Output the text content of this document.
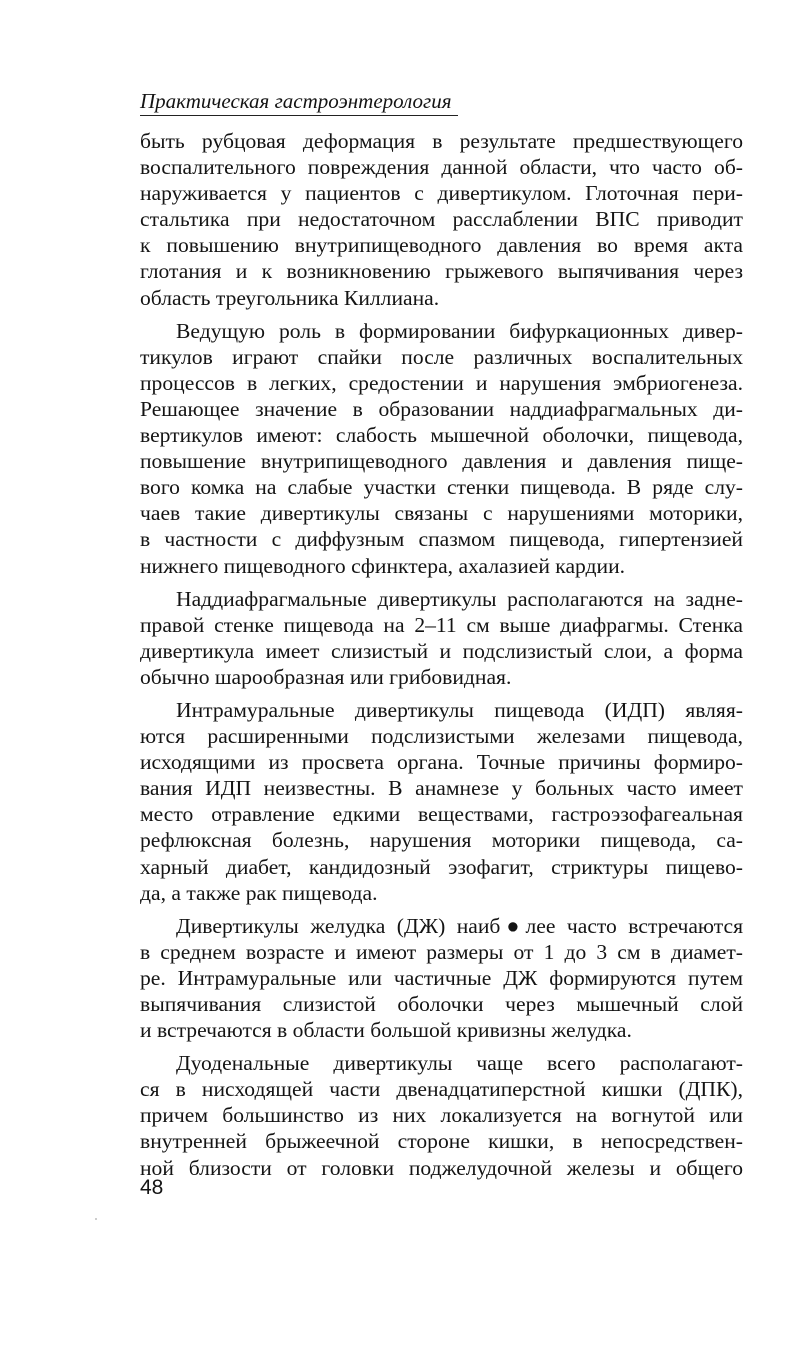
Практическая гастроэнтерология
быть рубцовая деформация в результате предшествующего
воспалительного повреждения данной области, что часто об-
наруживается у пациентов с дивертикулом. Глоточная пери-
стальтика при недостаточном расслаблении ВПС приводит
к повышению внутрипищеводного давления во время акта
глотания и к возникновению грыжевого выпячивания через
область треугольника Киллиана.
Ведущую роль в формировании бифуркационных дивер-
тикулов играют спайки после различных воспалительных
процессов в легких, средостении и нарушения эмбриогенеза.
Решающее значение в образовании наддиафрагмальных ди-
вертикулов имеют: слабость мышечной оболочки, пищевода,
повышение внутрипищеводного давления и давления пище-
вого комка на слабые участки стенки пищевода. В ряде слу-
чаев такие дивертикулы связаны с нарушениями моторики,
в частности с диффузным спазмом пищевода, гипертензией
нижнего пищеводного сфинктера, ахалазией кардии.
Наддиафрагмальные дивертикулы располагаются на задне-
правой стенке пищевода на 2–11 см выше диафрагмы. Стенка
дивертикула имеет слизистый и подслизистый слои, а форма
обычно шарообразная или грибовидная.
Интрамуральные дивертикулы пищевода (ИДП) являя-
ются расширенными подслизистыми железами пищевода,
исходящими из просвета органа. Точные причины формиро-
вания ИДП неизвестны. В анамнезе у больных часто имеет
место отравление едкими веществами, гастроэзофагеальная
рефлюксная болезнь, нарушения моторики пищевода, са-
харный диабет, кандидозный эзофагит, стриктуры пищево-
да, а также рак пищевода.
Дивертикулы желудка (ДЖ) наиб●лее часто встречаются
в среднем возрасте и имеют размеры от 1 до 3 см в диамет-
ре. Интрамуральные или частичные ДЖ формируются путем
выпячивания слизистой оболочки через мышечный слой
и встречаются в области большой кривизны желудка.
Дуоденальные дивертикулы чаще всего располагают-
ся в нисходящей части двенадцатиперстной кишки (ДПК),
причем большинство из них локализуется на вогнутой или
внутренней брыжеечной стороне кишки, в непосредствен-
ной близости от головки поджелудочной железы и общего
48
